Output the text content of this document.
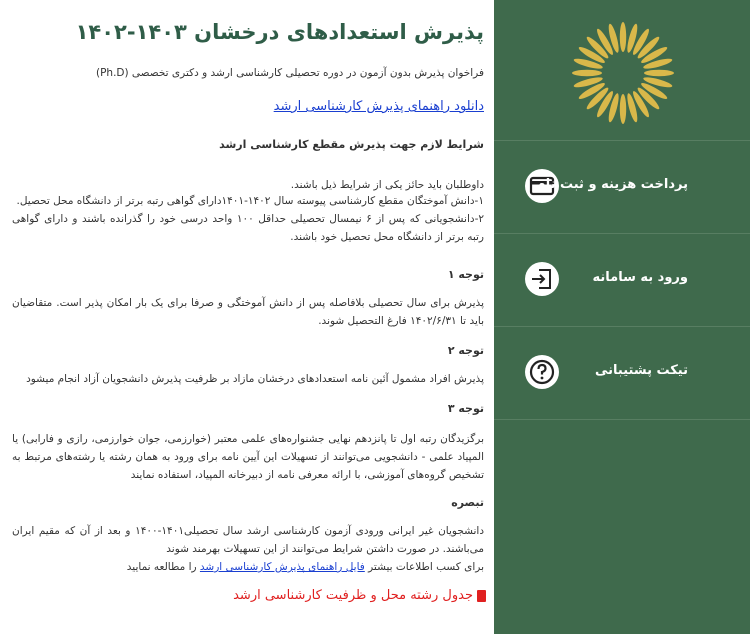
پذیرش استعدادهای درخشان ۱۴۰۳-۱۴۰۲

فراخوان پذیرش بدون آزمون در دوره تحصیلی کارشناسی ارشد و دکتری تخصصی (Ph.D)

دانلود راهنمای پذیرش کارشناسی ارشد
شرایط لازم جهت پذیرش مقطع کارشناسی ارشد

داوطلبان باید حائز یکی از شرایط ذیل باشند.

۱-دانش آموختگان مقطع کارشناسی پیوسته سال ۱۴۰۲-۱۴۰۱دارای گواهی رتبه برتر از دانشگاه محل تحصیل.

۲-دانشجویانی که پس از ۶ نیمسال تحصیلی حداقل ۱۰۰ واحد درسی خود را گذرانده باشند و دارای گواهی رتبه برتر از دانشگاه محل تحصیل خود باشند.

توجه ۱

پذیرش برای سال تحصیلی بلافاصله پس از دانش آموختگی و صرفا برای یک بار امکان پذیر است. متقاضیان باید تا ۱۴۰۲/۶/۳۱ فارغ التحصیل شوند.

توجه ۲

پذیرش افراد مشمول آئین نامه استعدادهای درخشان مازاد بر ظرفیت پذیرش دانشجویان آزاد انجام میشود

توجه ۳

برگزیدگان رتبه اول تا پانزدهم نهایی جشنواره‌های علمی معتبر (خوارزمی، جوان خوارزمی، رازی و فارابی) یا المپیاد علمی - دانشجویی می‌توانند از تسهیلات این آیین نامه برای ورود به همان رشته یا رشته‌های مرتبط به تشخیص گروه‌های آموزشی، با ارائه معرفی نامه از دبیرخانه المپیاد، استفاده نمایند

تبصره

دانشجویان غیر ایرانی ورودی آزمون کارشناسی ارشد سال تحصیلی۱۴۰۱-۱۴۰۰ و بعد از آن که مقیم ایران می‌باشند. در صورت داشتن شرایط می‌توانند از این تسهیلات بهرمند شوند

برای کسب اطلاعات بیشتر فایل راهنمای پذیرش کارشناسی ارشد را مطالعه نمایید

جدول رشته محل و ظرفیت کارشناسی ارشد
پرداخت هزینه و ثبت نام
ورود به سامانه
تیکت پشتیبانی
